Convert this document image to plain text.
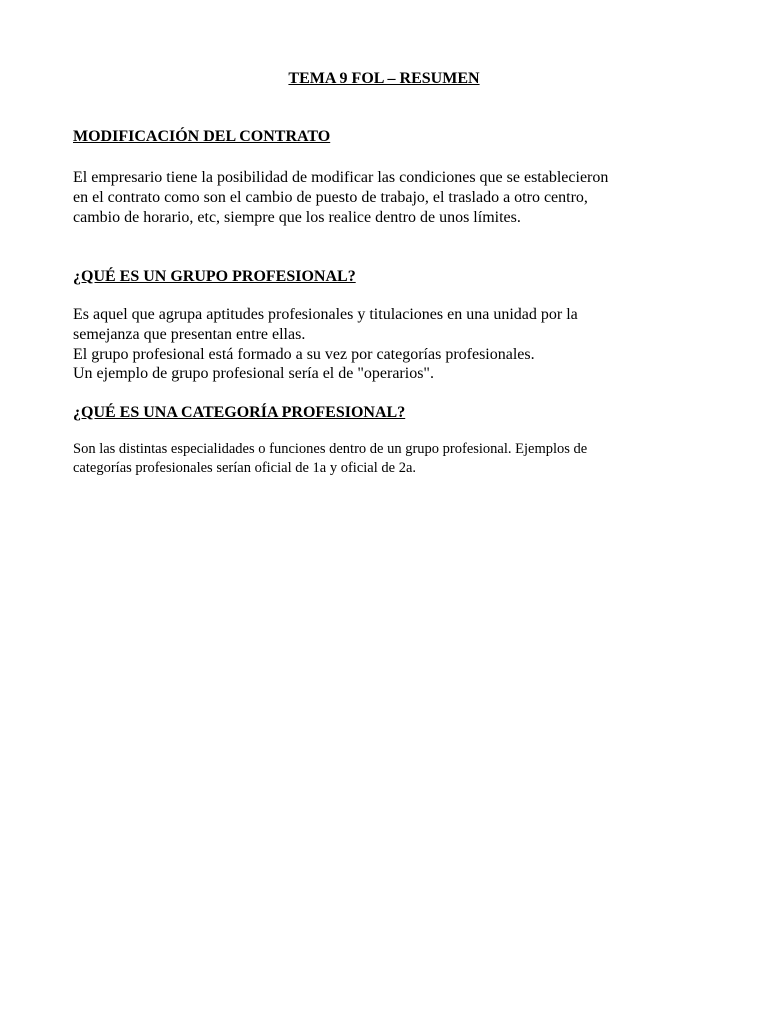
TEMA 9 FOL – RESUMEN
MODIFICACIÓN DEL CONTRATO
El empresario tiene la posibilidad de modificar las condiciones que se establecieron
en el contrato como son el cambio de puesto de trabajo, el traslado a otro centro,
cambio de horario, etc, siempre que los realice dentro de unos límites.
¿QUÉ ES UN GRUPO PROFESIONAL?
Es aquel que agrupa aptitudes profesionales y titulaciones en una unidad por la
semejanza que presentan entre ellas.
El grupo profesional está formado a su vez por categorías profesionales.
Un ejemplo de grupo profesional sería el de "operarios".
¿QUÉ ES UNA CATEGORÍA PROFESIONAL?
Son las distintas especialidades o funciones dentro de un grupo profesional. Ejemplos de
categorías profesionales serían oficial de 1a y oficial de 2a.
